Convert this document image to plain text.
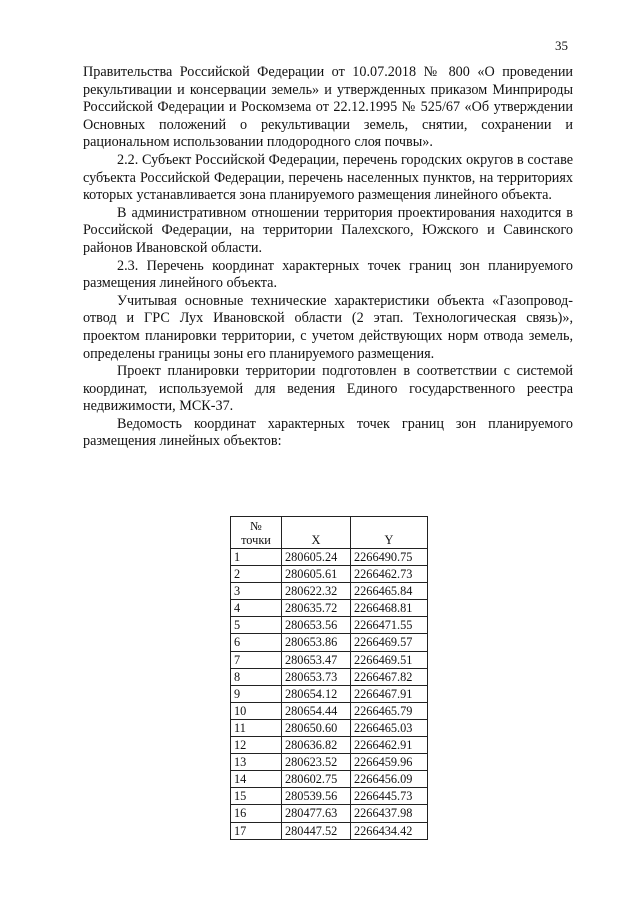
35

Правительства Российской Федерации от 10.07.2018 № 800 «О проведении рекультивации и консервации земель» и утвержденных приказом Минприроды Российской Федерации и Роскомзема от 22.12.1995 № 525/67 «Об утверждении Основных положений о рекультивации земель, снятии, сохранении и рациональном использовании плодородного слоя почвы».

2.2. Субъект Российской Федерации, перечень городских округов в составе субъекта Российской Федерации, перечень населенных пунктов, на территориях которых устанавливается зона планируемого размещения линейного объекта.

В административном отношении территория проектирования находится в Российской Федерации, на территории Палехского, Южского и Савинского районов Ивановской области.

2.3. Перечень координат характерных точек границ зон планируемого размещения линейного объекта.

Учитывая основные технические характеристики объекта «Газопровод-отвод и ГРС Лух Ивановской области (2 этап. Технологическая связь)», проектом планировки территории, с учетом действующих норм отвода земель, определены границы зоны его планируемого размещения.

Проект планировки территории подготовлен в соответствии с системой координат, используемой для ведения Единого государственного реестра недвижимости, МСК-37.

Ведомость координат характерных точек границ зон планируемого размещения линейных объектов:

№
точки	X	Y
1	280605.24	2266490.75
2	280605.61	2266462.73
3	280622.32	2266465.84
4	280635.72	2266468.81
5	280653.56	2266471.55
6	280653.86	2266469.57
7	280653.47	2266469.51
8	280653.73	2266467.82
9	280654.12	2266467.91
10	280654.44	2266465.79
11	280650.60	2266465.03
12	280636.82	2266462.91
13	280623.52	2266459.96
14	280602.75	2266456.09
15	280539.56	2266445.73
16	280477.63	2266437.98
17	280447.52	2266434.42
